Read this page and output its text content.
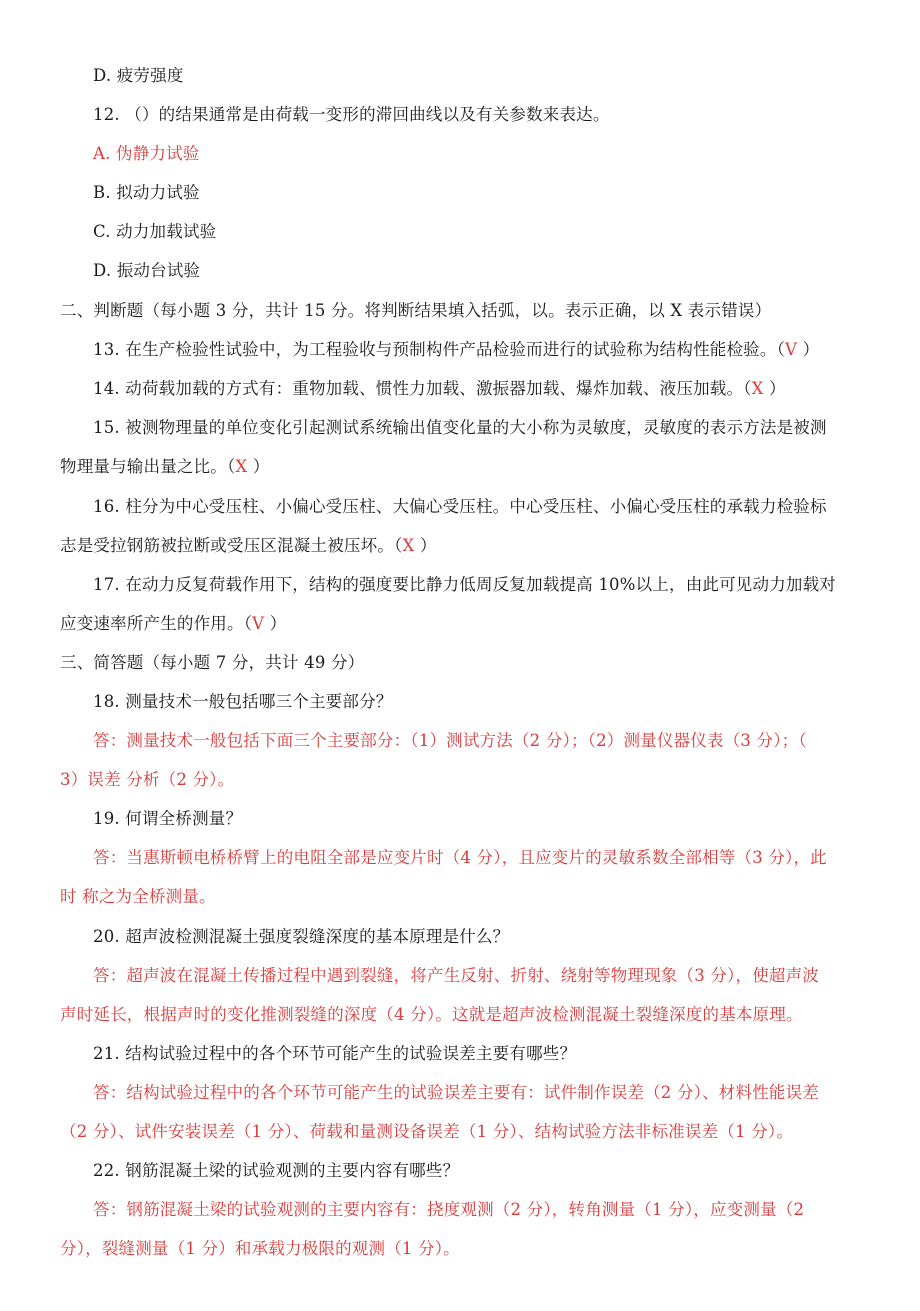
D. 疲劳强度
12. （）的结果通常是由荷载一变形的滞回曲线以及有关参数来表达。
A. 伪静力试验
B. 拟动力试验
C. 动力加载试验
D. 振动台试验
二、判断题（每小题 3 分，共计 15 分。将判断结果填入括弧，以。表示正确，以 X 表示错误）
13. 在生产检验性试验中，为工程验收与预制构件产品检验而进行的试验称为结构性能检验。（V ）
14. 动荷载加载的方式有：重物加载、惯性力加载、激振器加载、爆炸加载、液压加载。（X ）
15. 被测物理量的单位变化引起测试系统输出值变化量的大小称为灵敏度，灵敏度的表示方法是被测
物理量与输出量之比。（X ）
16. 柱分为中心受压柱、小偏心受压柱、大偏心受压柱。中心受压柱、小偏心受压柱的承载力检验标
志是受拉钢筋被拉断或受压区混凝土被压坏。（X ）
17. 在动力反复荷载作用下，结构的强度要比静力低周反复加载提高 10%以上，由此可见动力加载对
应变速率所产生的作用。（V ）
三、简答题（每小题 7 分，共计 49 分）
18. 测量技术一般包括哪三个主要部分？
答：测量技术一般包括下面三个主要部分：（1）测试方法（2 分）；（2）测量仪器仪表（3 分）；（
3）误差 分析（2 分）。
19. 何谓全桥测量？
答：当惠斯顿电桥桥臂上的电阻全部是应变片时（4 分），且应变片的灵敏系数全部相等（3 分），此
时 称之为全桥测量。
20. 超声波检测混凝土强度裂缝深度的基本原理是什么？
答：超声波在混凝土传播过程中遇到裂缝，将产生反射、折射、绕射等物理现象（3 分），使超声波
声时延长，根据声时的变化推测裂缝的深度（4 分）。这就是超声波检测混凝土裂缝深度的基本原理。
21. 结构试验过程中的各个环节可能产生的试验误差主要有哪些？
答：结构试验过程中的各个环节可能产生的试验误差主要有：试件制作误差（2 分）、材料性能误差
（2 分）、试件安装误差（1 分）、荷载和量测设备误差（1 分）、结构试验方法非标准误差（1 分）。
22. 钢筋混凝土梁的试验观测的主要内容有哪些？
答：钢筋混凝土梁的试验观测的主要内容有：挠度观测（2 分），转角测量（1 分），应变测量（2
分），裂缝测量（1 分）和承载力极限的观测（1 分）。
